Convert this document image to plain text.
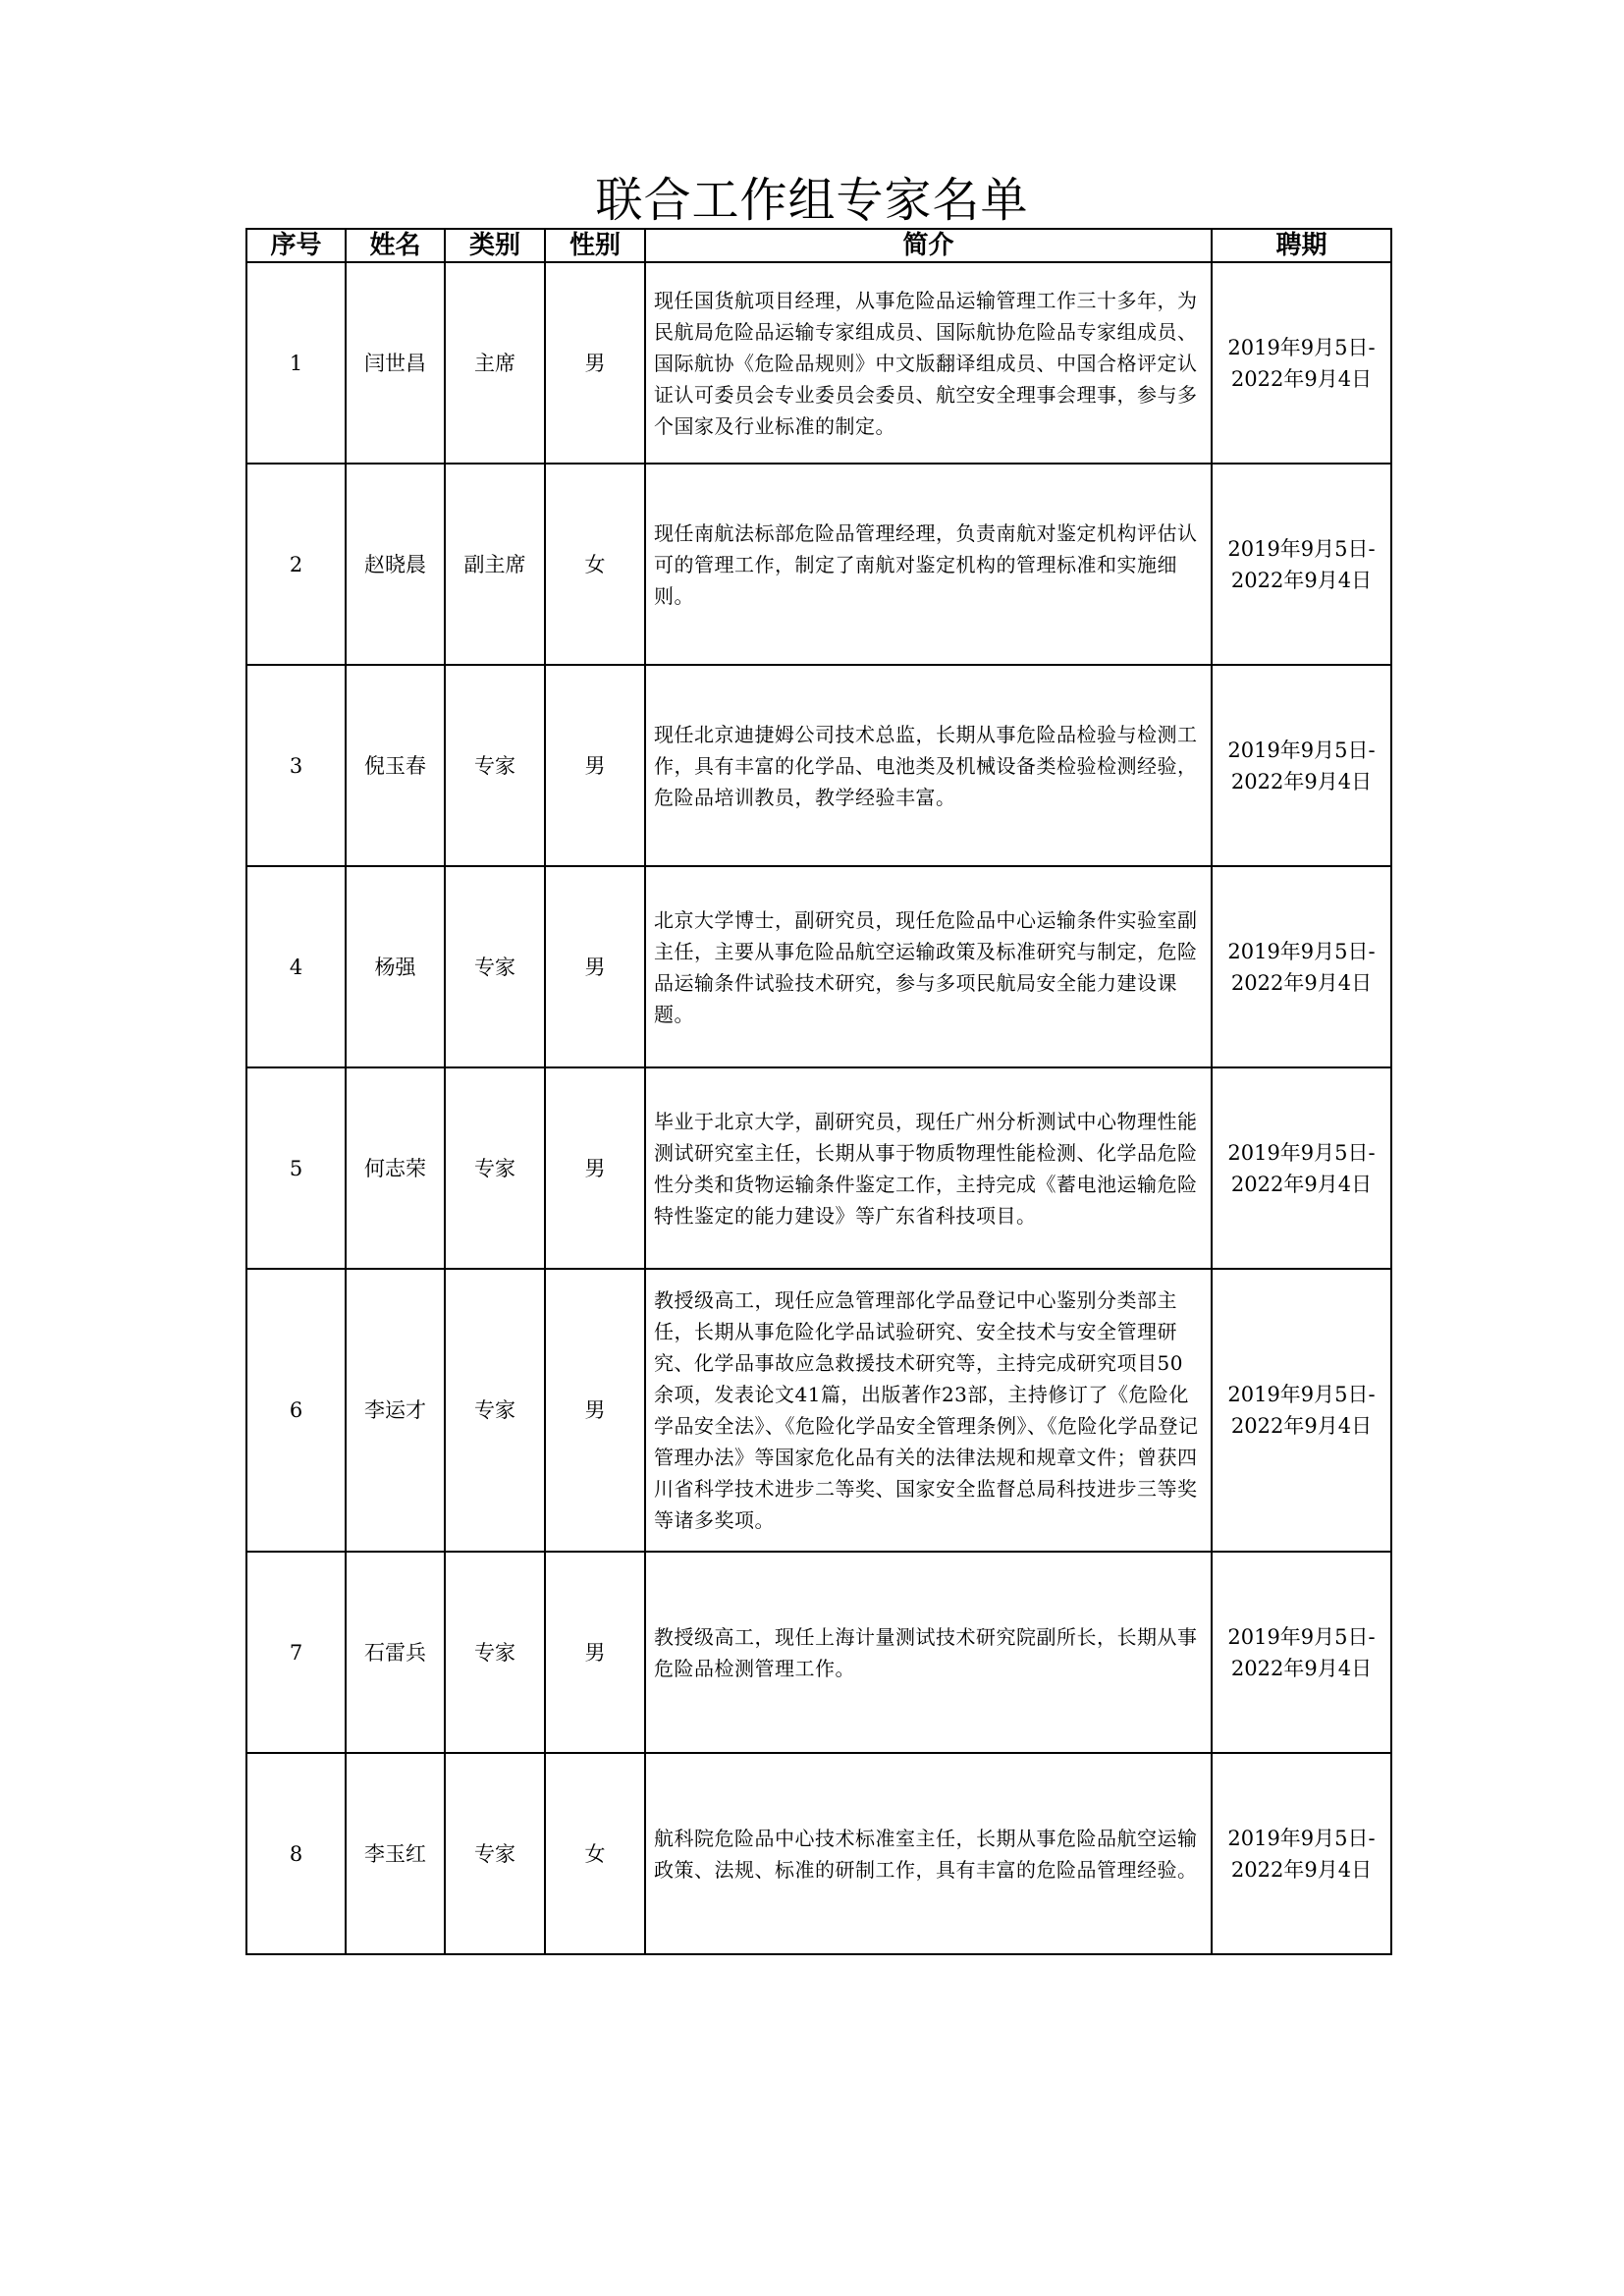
联合工作组专家名单
序号	姓名	类别	性别	简介	聘期
1	闫世昌	主席	男	现任国货航项目经理，从事危险品运输管理工作三十多年，为民航局危险品运输专家组成员、国际航协危险品专家组成员、国际航协《危险品规则》中文版翻译组成员、中国合格评定认证认可委员会专业委员会委员、航空安全理事会理事，参与多个国家及行业标准的制定。	2019年9月5日-
2022年9月4日

2	赵晓晨	副主席	女	现任南航法标部危险品管理经理，负责南航对鉴定机构评估认可的管理工作，制定了南航对鉴定机构的管理标准和实施细则。	2019年9月5日-
2022年9月4日

3	倪玉春	专家	男	现任北京迪捷姆公司技术总监，长期从事危险品检验与检测工作，具有丰富的化学品、电池类及机械设备类检验检测经验，危险品培训教员，教学经验丰富。	2019年9月5日-
2022年9月4日

4	杨强	专家	男	北京大学博士，副研究员，现任危险品中心运输条件实验室副主任，主要从事危险品航空运输政策及标准研究与制定，危险品运输条件试验技术研究，参与多项民航局安全能力建设课题。	2019年9月5日-
2022年9月4日

5	何志荣	专家	男	毕业于北京大学，副研究员，现任广州分析测试中心物理性能测试研究室主任，长期从事于物质物理性能检测、化学品危险性分类和货物运输条件鉴定工作，主持完成《蓄电池运输危险特性鉴定的能力建设》等广东省科技项目。	2019年9月5日-
2022年9月4日

6	李运才	专家	男	教授级高工，现任应急管理部化学品登记中心鉴别分类部主任，长期从事危险化学品试验研究、安全技术与安全管理研究、化学品事故应急救援技术研究等，主持完成研究项目50余项，发表论文41篇，出版著作23部，主持修订了《危险化学品安全法》、《危险化学品安全管理条例》、《危险化学品登记管理办法》等国家危化品有关的法律法规和规章文件；曾获四川省科学技术进步二等奖、国家安全监督总局科技进步三等奖等诸多奖项。	2019年9月5日-
2022年9月4日

7	石雷兵	专家	男	教授级高工，现任上海计量测试技术研究院副所长，长期从事危险品检测管理工作。	2019年9月5日-
2022年9月4日

8	李玉红	专家	女	航科院危险品中心技术标准室主任，长期从事危险品航空运输政策、法规、标准的研制工作，具有丰富的危险品管理经验。	2019年9月5日-
2022年9月4日
